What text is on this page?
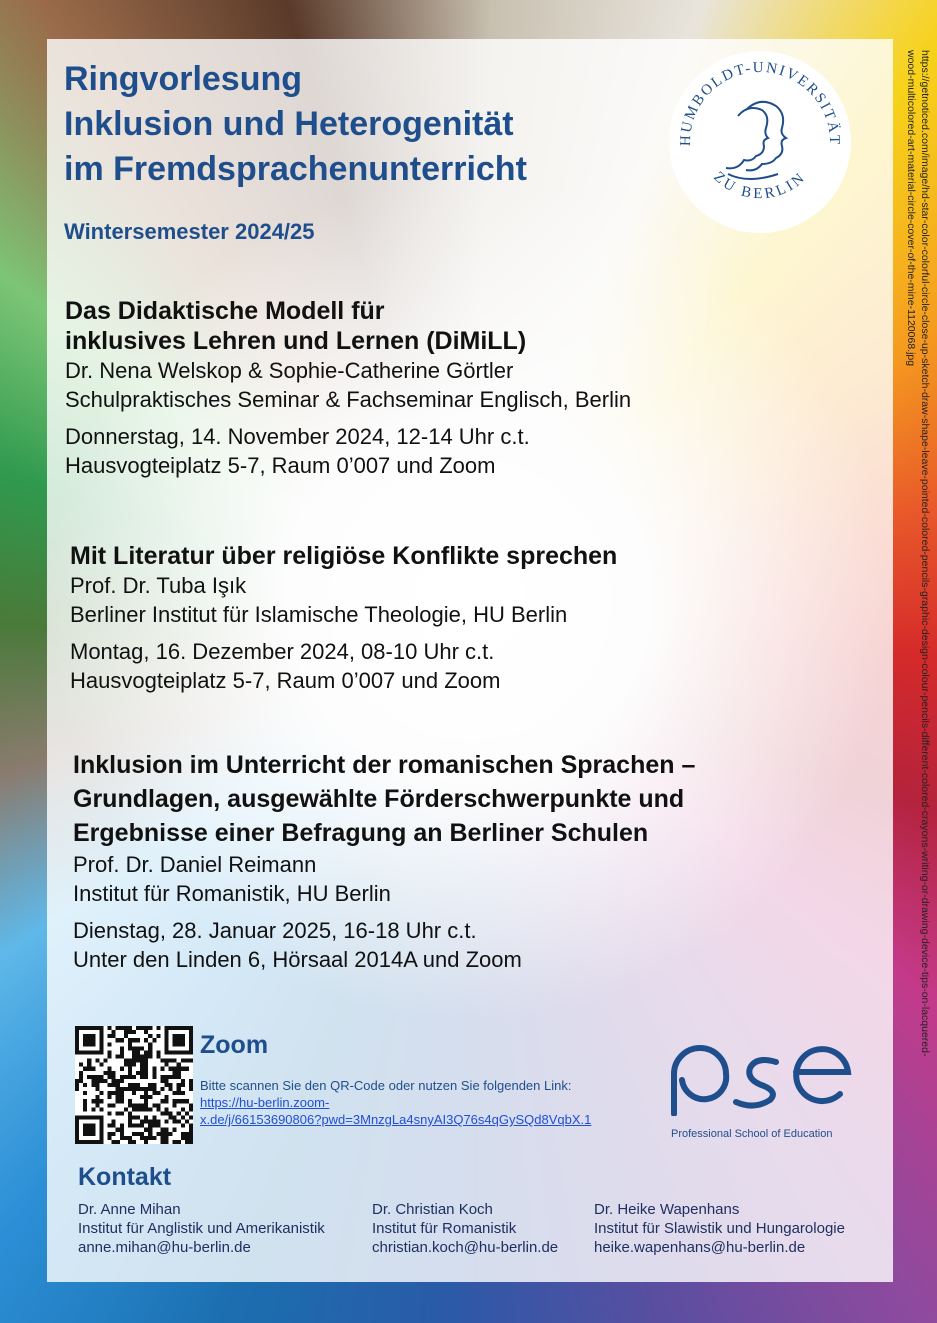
Ringvorlesung
Inklusion und Heterogenität
im Fremdsprachenunterricht
Wintersemester 2024/25
HUMBOLDT-UNIVERSITÄT
ZU BERLIN
Das Didaktische Modell für
inklusives Lehren und Lernen (DiMiLL)
Dr. Nena Welskop & Sophie-Catherine Görtler
Schulpraktisches Seminar & Fachseminar Englisch, Berlin
Donnerstag, 14. November 2024, 12-14 Uhr c.t.
Hausvogteiplatz 5-7, Raum 0’007 und Zoom
Mit Literatur über religiöse Konflikte sprechen
Prof. Dr. Tuba Işık
Berliner Institut für Islamische Theologie, HU Berlin
Montag, 16. Dezember 2024, 08-10 Uhr c.t.
Hausvogteiplatz 5-7, Raum 0’007 und Zoom
Inklusion im Unterricht der romanischen Sprachen –
Grundlagen, ausgewählte Förderschwerpunkte und
Ergebnisse einer Befragung an Berliner Schulen
Prof. Dr. Daniel Reimann
Institut für Romanistik, HU Berlin
Dienstag, 28. Januar 2025, 16-18 Uhr c.t.
Unter den Linden 6, Hörsaal 2014A und Zoom
Zoom
Bitte scannen Sie den QR-Code oder nutzen Sie folgenden Link:
https://hu-berlin.zoom-
x.de/j/66153690806?pwd=3MnzgLa4snyAI3Q76s4qGySQd8VqbX.1
Professional School of Education
Kontakt
Dr. Anne Mihan
Institut für Anglistik und Amerikanistik
anne.mihan@hu-berlin.de
Dr. Christian Koch
Institut für Romanistik
christian.koch@hu-berlin.de
Dr. Heike Wapenhans
Institut für Slawistik und Hungarologie
heike.wapenhans@hu-berlin.de
https://getnoticed.com/image/hd-star-color-colorful-circle-close-up-sketch-draw-shape-leave-pointed-colored-pencils-graphic-design-colour-pencils-different-colored-crayons-writing-or-drawing-device-tips-on-lacquered-
wood-multicolored-art-material-circle-cover-of-the-mine-1120068.jpg
